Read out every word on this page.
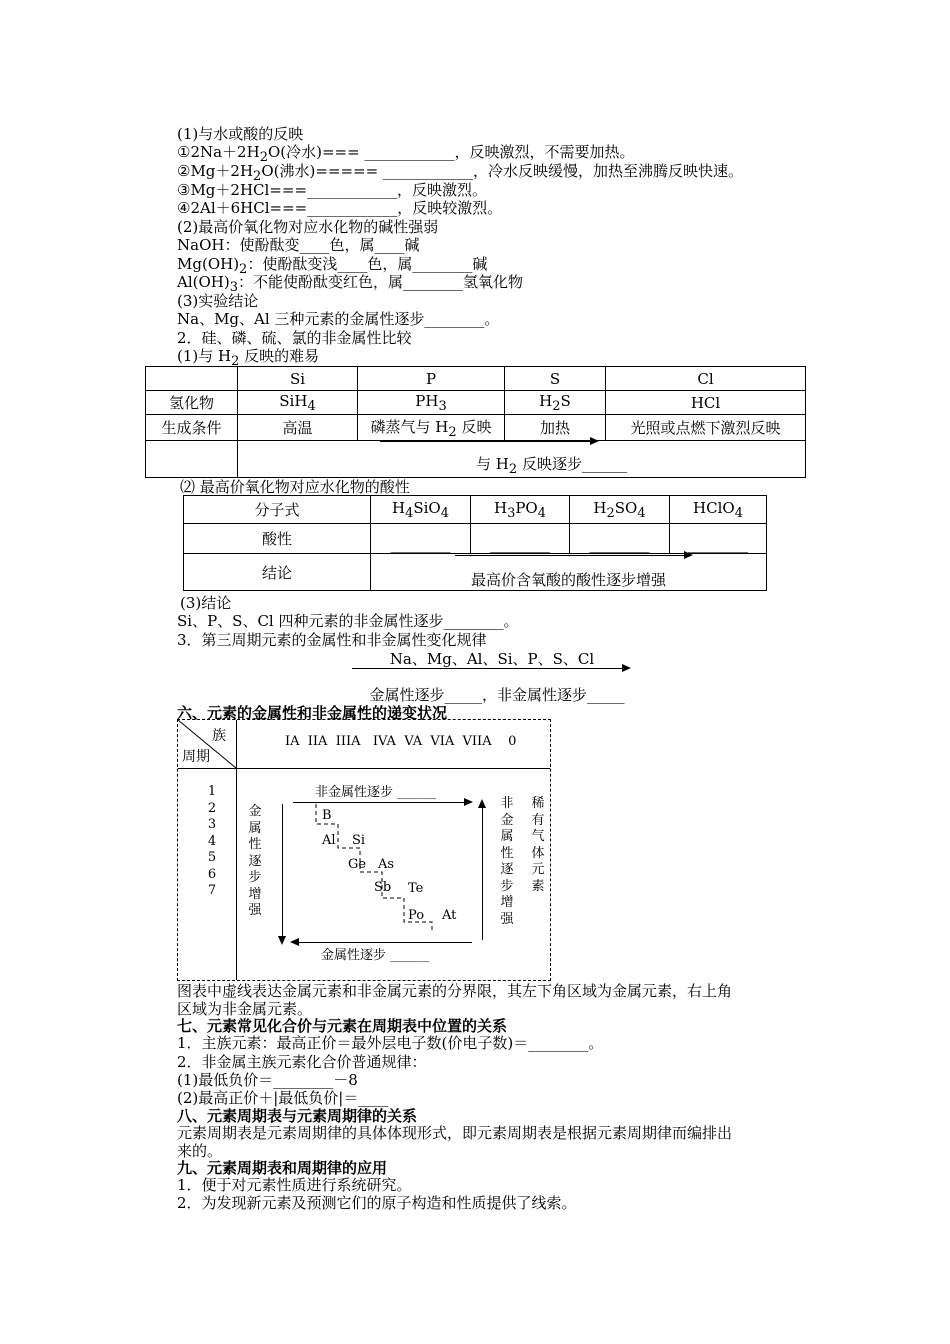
(1)与水或酸的反映
$①2Na+2H_2O$(冷水)=== ____________，反映激烈，不需要加热。
$②Mg+2H_2O$(沸水)===== ____________，冷水反映缓慢，加热至沸腾反映快速。
③Mg＋2HCl===____________，反映激烈。
④2Al＋6HCl===____________，反映较激烈。
(2)最高价氧化物对应水化物的碱性强弱
NaOH：使酚酞变____色，属____碱
$Mg(OH)_2$：使酚酞变浅____色，属________碱
$Al(OH)_3$：不能使酚酞变红色，属________氢氧化物
(3)实验结论
Na、Mg、Al 三种元素的金属性逐步________。
2．硅、磷、硫、氯的非金属性比较
(1)与 $H_2$ 反映的难易
	Si	P	S	Cl
氢化物	SiH$_4$	$PH_3$	$H_2S$	HCl
生成条件	高温	磷蒸气与 $H_2$ 反映	加热	光照或点燃下激烈反映
	与 $H_2$ 反映逐步______			
⑵ 最高价氧化物对应水化物的酸性
分子式	$H_4SiO_4$	$H_3PO_4$	$H_2SO_4$	HClO$_4$
酸性	________	________	________	________
结论	最高价含氧酸的酸性逐步增强			
(3)结论
Si、P、S、Cl 四种元素的非金属性逐步________。
3．第三周期元素的金属性和非金属性变化规律
Na、Mg、Al、Si、P、S、Cl
金属性逐步_____，非金属性逐步_____
六、元素的金属性和非金属性的递变状况
族
周期
IA  IIA  IIIA   IVA  VA  VIA  VIIA    0
1
2
3
4
5
6
7
金属性逐步增强
非金属性逐步增强
稀有气体元素
非金属性逐步 ______
金属性逐步 ______
B
Al Si
Ge As
Sb Te
Po At
图表中虚线表达金属元素和非金属元素的分界限，其左下角区域为金属元素，右上角
区域为非金属元素。
七、元素常见化合价与元素在周期表中位置的关系
1．主族元素：最高正价＝最外层电子数(价电子数)＝________。
2．非金属主族元素化合价普通规律：
(1)最低负价＝________－8
(2)最高正价＋|最低负价|＝____
八、元素周期表与元素周期律的关系
元素周期表是元素周期律的具体体现形式，即元素周期表是根据元素周期律而编排出
来的。
九、元素周期表和周期律的应用
1．便于对元素性质进行系统研究。
2．为发现新元素及预测它们的原子构造和性质提供了线索。
